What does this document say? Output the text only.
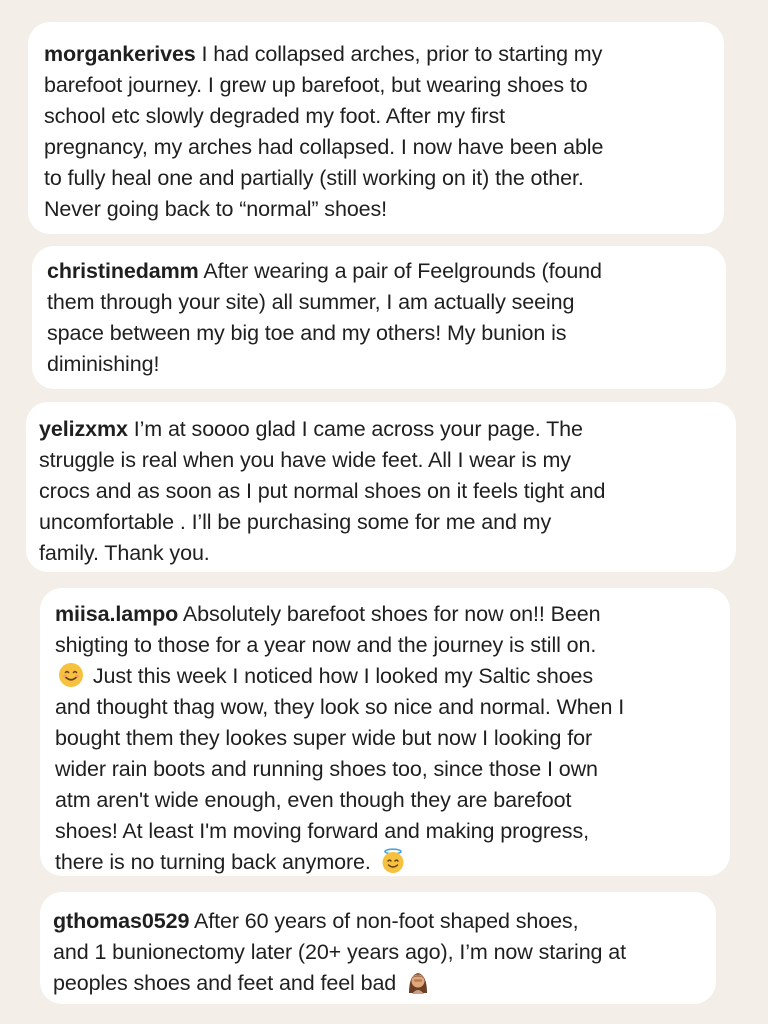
morgankerives I had collapsed arches, prior to starting my
barefoot journey. I grew up barefoot, but wearing shoes to
school etc slowly degraded my foot. After my first
pregnancy, my arches had collapsed. I now have been able
to fully heal one and partially (still working on it) the other.
Never going back to “normal” shoes!
christinedamm After wearing a pair of Feelgrounds (found
them through your site) all summer, I am actually seeing
space between my big toe and my others! My bunion is
diminishing!
yelizxmx I’m at soooo glad I came across your page. The
struggle is real when you have wide feet. All I wear is my
crocs and as soon as I put normal shoes on it feels tight and
uncomfortable . I’ll be purchasing some for me and my
family. Thank you.
miisa.lampo Absolutely barefoot shoes for now on!! Been
shigting to those for a year now and the journey is still on.
Just this week I noticed how I looked my Saltic shoes
and thought thag wow, they look so nice and normal. When I
bought them they lookes super wide but now I looking for
wider rain boots and running shoes too, since those I own
atm aren't wide enough, even though they are barefoot
shoes! At least I'm moving forward and making progress,
there is no turning back anymore.
gthomas0529 After 60 years of non-foot shaped shoes,
and 1 bunionectomy later (20+ years ago), I’m now staring at
peoples shoes and feet and feel bad
